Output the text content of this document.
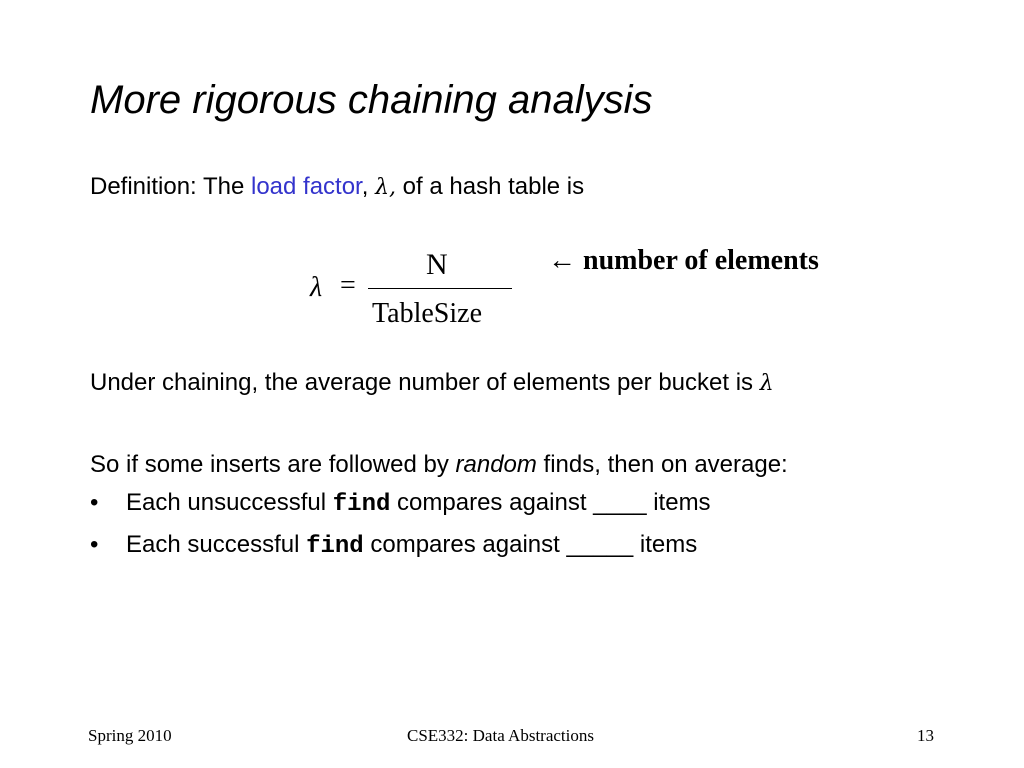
More rigorous chaining analysis
Definition: The load factor, λ, of a hash table is
λ =
N
TableSize
← number of elements
Under chaining, the average number of elements per bucket is λ
So if some inserts are followed by random finds, then on average:
• Each unsuccessful find compares against ____ items
• Each successful find compares against _____ items
Spring 2010	CSE332: Data Abstractions	13
